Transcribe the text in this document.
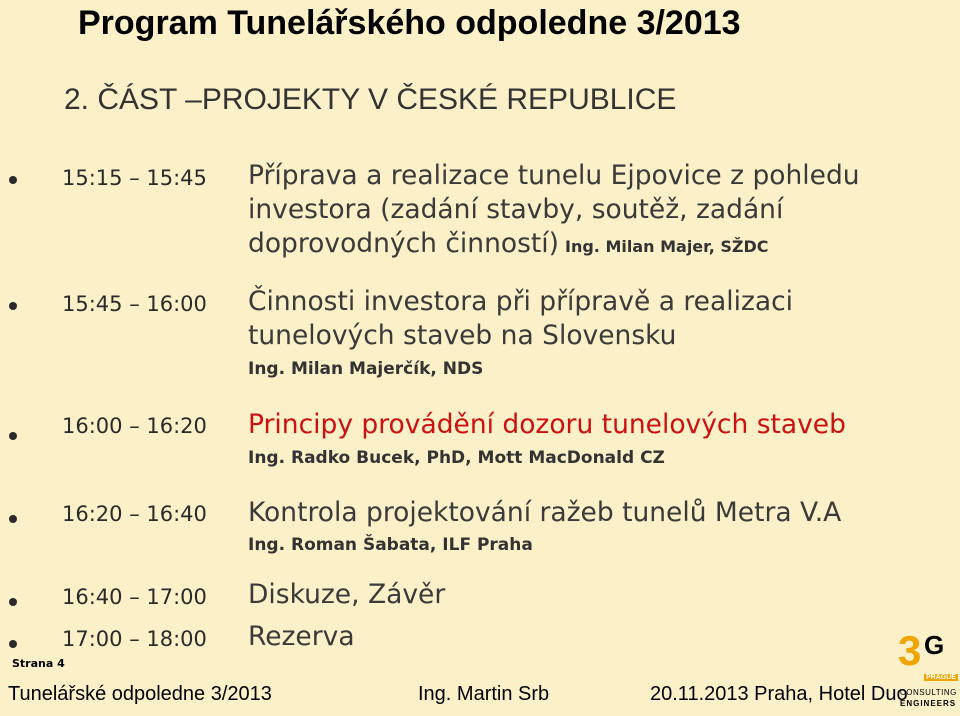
Program Tunelářského odpoledne 3/2013
2. ČÁST –PROJEKTY V ČESKÉ REPUBLICE
15:15 – 15:45 Příprava a realizace tunelu Ejpovice z pohledu
investora (zadání stavby, soutěž, zadání
doprovodných činností) Ing. Milan Majer, SŽDC
15:45 – 16:00 Činnosti investora při přípravě a realizaci
tunelových staveb na Slovensku
Ing. Milan Majerčík, NDS
16:00 – 16:20 Principy provádění dozoru tunelových staveb
Ing. Radko Bucek, PhD, Mott MacDonald CZ
16:20 – 16:40 Kontrola projektování ražeb tunelů Metra V.A
Ing. Roman Šabata, ILF Praha
16:40 – 17:00 Diskuze, Závěr
17:00 – 18:00 Rezerva
Strana 4
Tunelářské odpoledne 3/2013	Ing. Martin Srb	20.11.2013 Praha, Hotel Duo
3 G
PRAGUE
CONSULTING
ENGINEERS
